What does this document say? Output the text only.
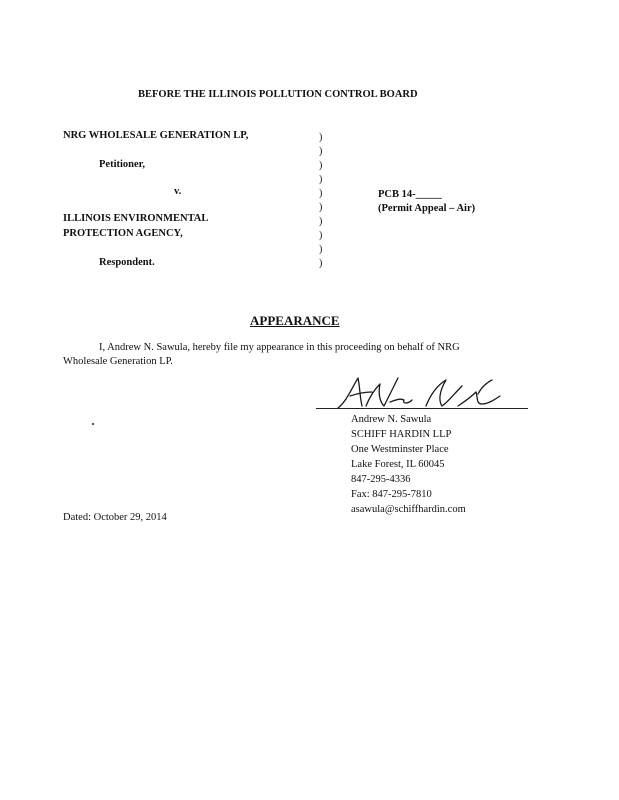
BEFORE THE ILLINOIS POLLUTION CONTROL BOARD
NRG WHOLESALE GENERATION LP,
Petitioner,
v.
ILLINOIS ENVIRONMENTAL
PROTECTION AGENCY,
Respondent.
)
)
)
)
)
)
)
)
)
)
PCB 14-_____
(Permit Appeal – Air)
APPEARANCE
I, Andrew N. Sawula, hereby file my appearance in this proceeding on behalf of NRG
Wholesale Generation LP.
Andrew N. Sawula
SCHIFF HARDIN LLP
One Westminster Place
Lake Forest, IL 60045
847-295-4336
Fax: 847-295-7810
asawula@schiffhardin.com
Dated: October 29, 2014
